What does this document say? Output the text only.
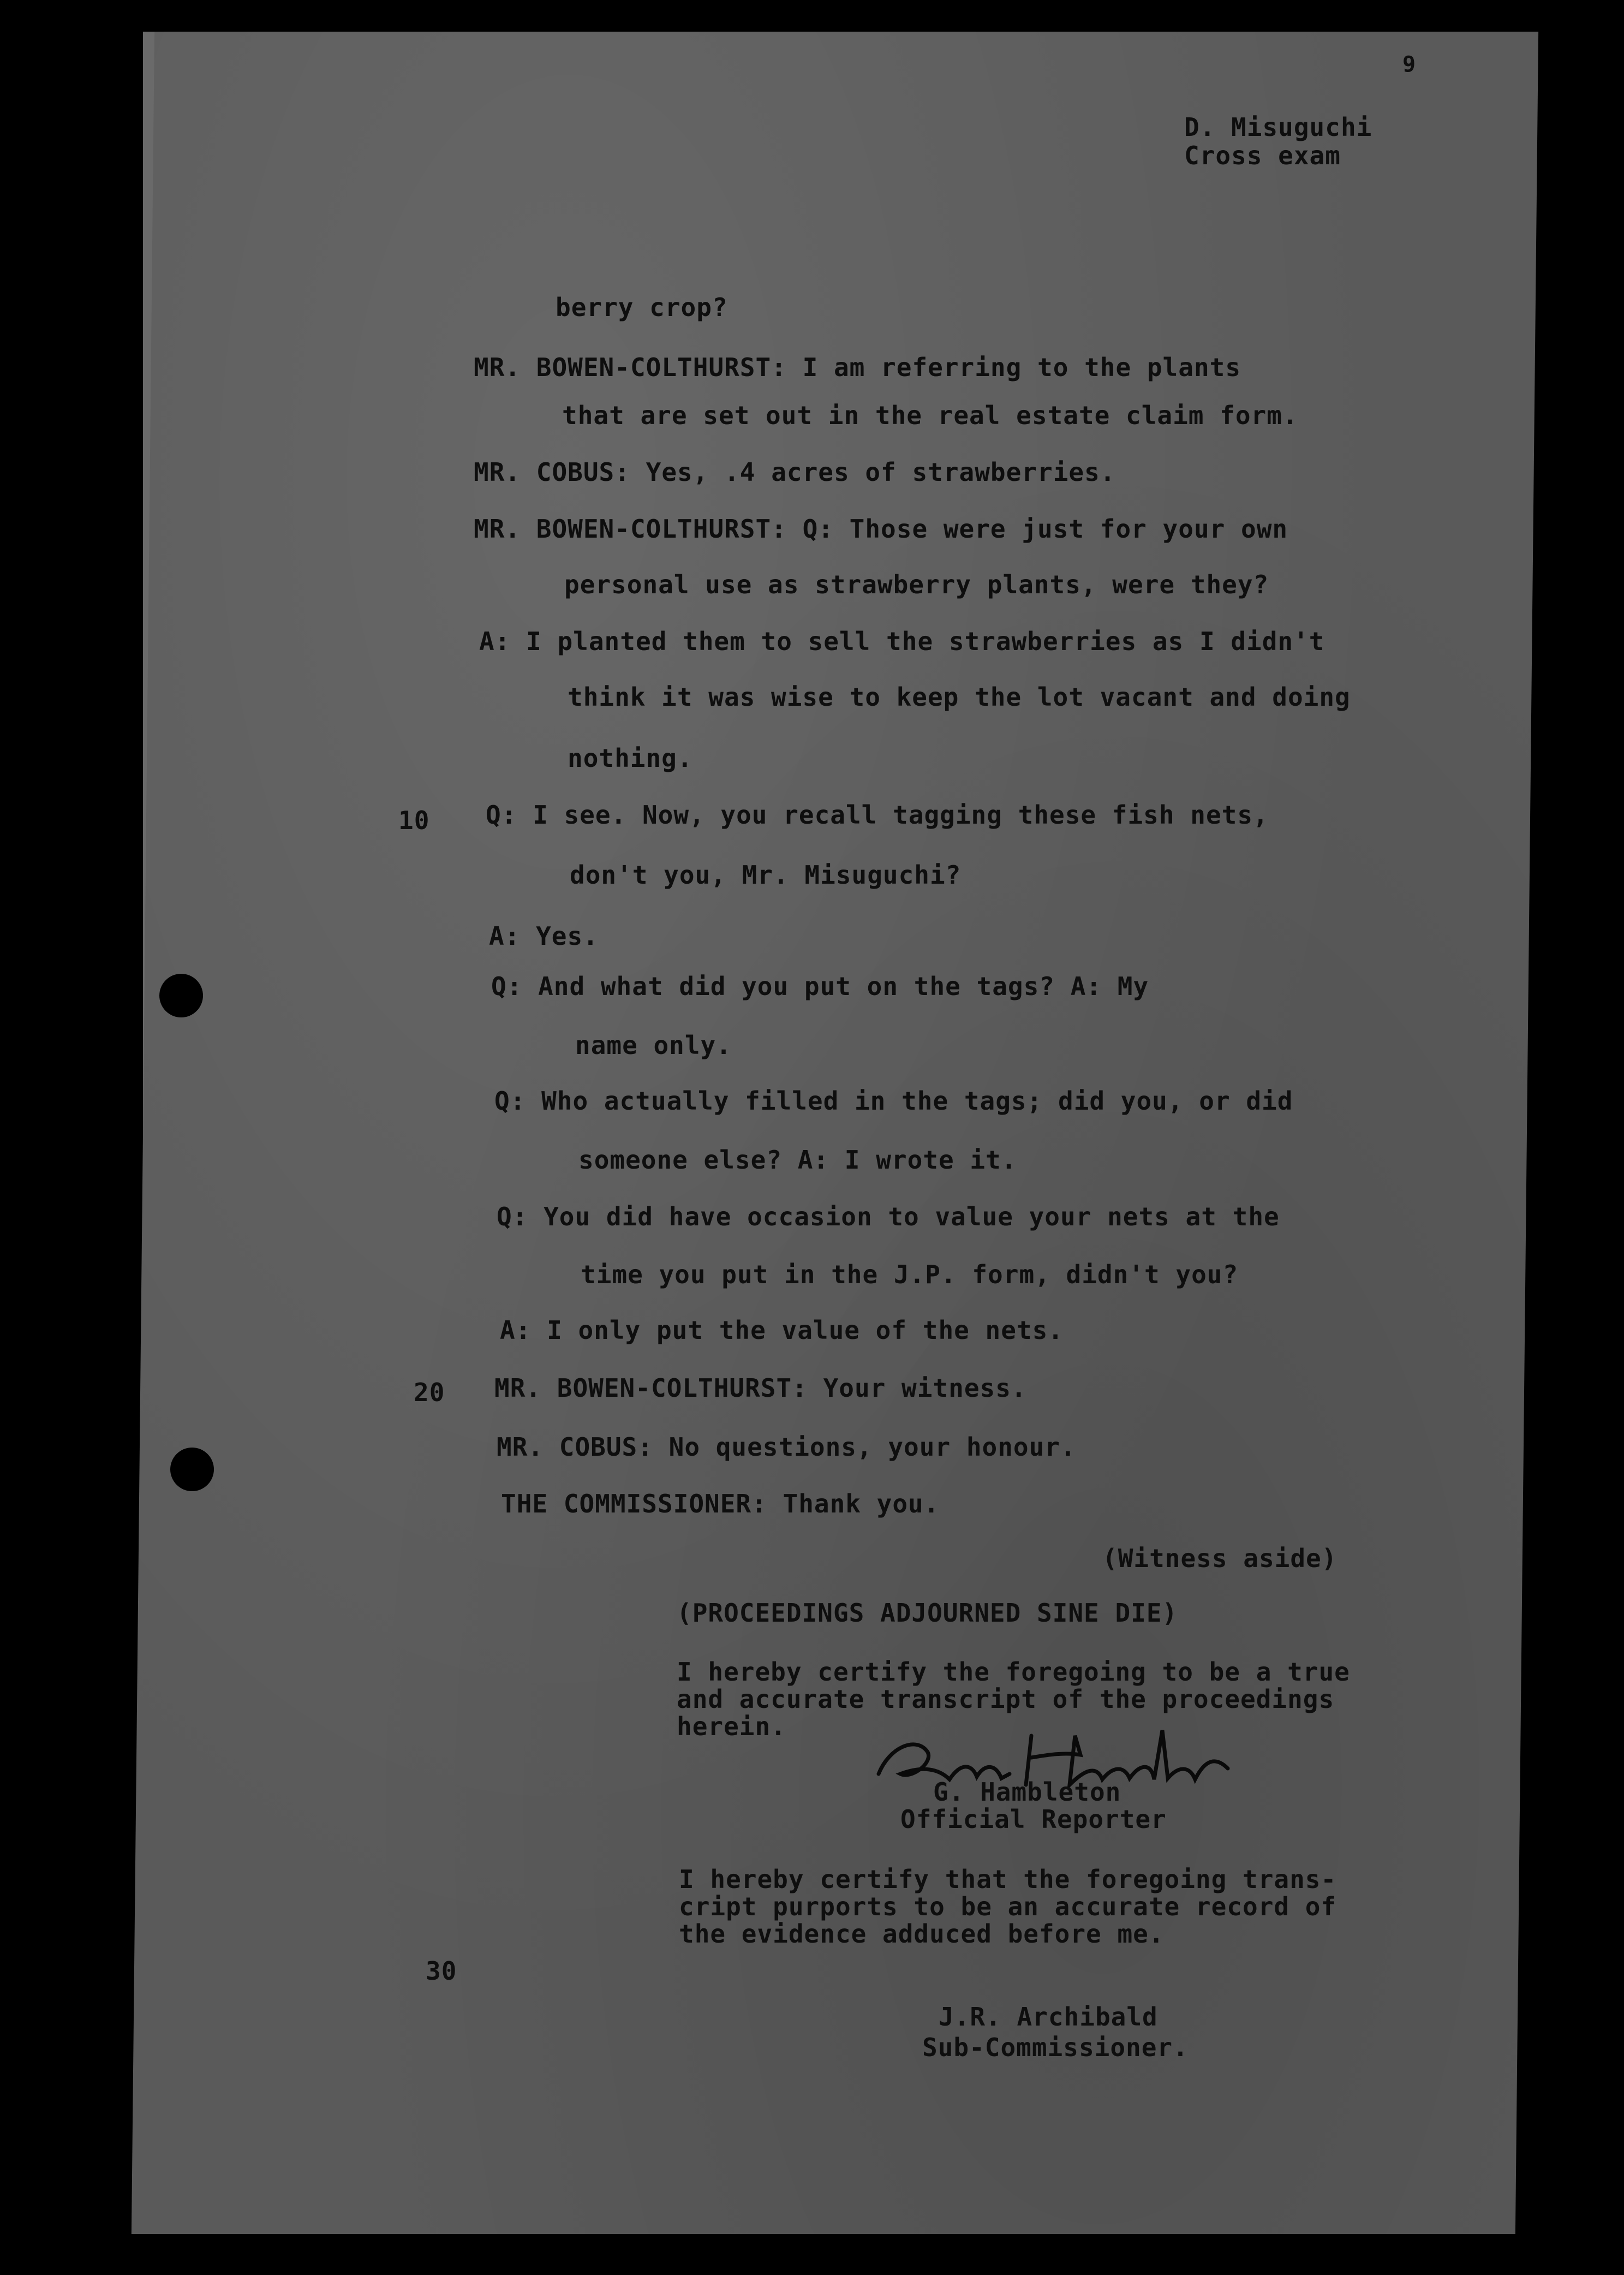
9
D. Misuguchi
Cross exam
berry crop?
MR. BOWEN-COLTHURST: I am referring to the plants
that are set out in the real estate claim form.
MR. COBUS: Yes, .4 acres of strawberries.
MR. BOWEN-COLTHURST: Q: Those were just for your own
personal use as strawberry plants, were they?
A: I planted them to sell the strawberries as I didn't
think it was wise to keep the lot vacant and doing
nothing.
10 Q: I see. Now, you recall tagging these fish nets,
don't you, Mr. Misuguchi?
A: Yes.
Q: And what did you put on the tags? A: My
name only.
Q: Who actually filled in the tags; did you, or did
someone else? A: I wrote it.
Q: You did have occasion to value your nets at the
time you put in the J.P. form, didn't you?
A: I only put the value of the nets.
20 MR. BOWEN-COLTHURST: Your witness.
MR. COBUS: No questions, your honour.
THE COMMISSIONER: Thank you.
(Witness aside)
(PROCEEDINGS ADJOURNED SINE DIE)
I hereby certify the foregoing to be a true
and accurate transcript of the proceedings
herein.
G. Hambleton
Official Reporter
I hereby certify that the foregoing trans-
cript purports to be an accurate record of
the evidence adduced before me.
30
J.R. Archibald
Sub-Commissioner.
